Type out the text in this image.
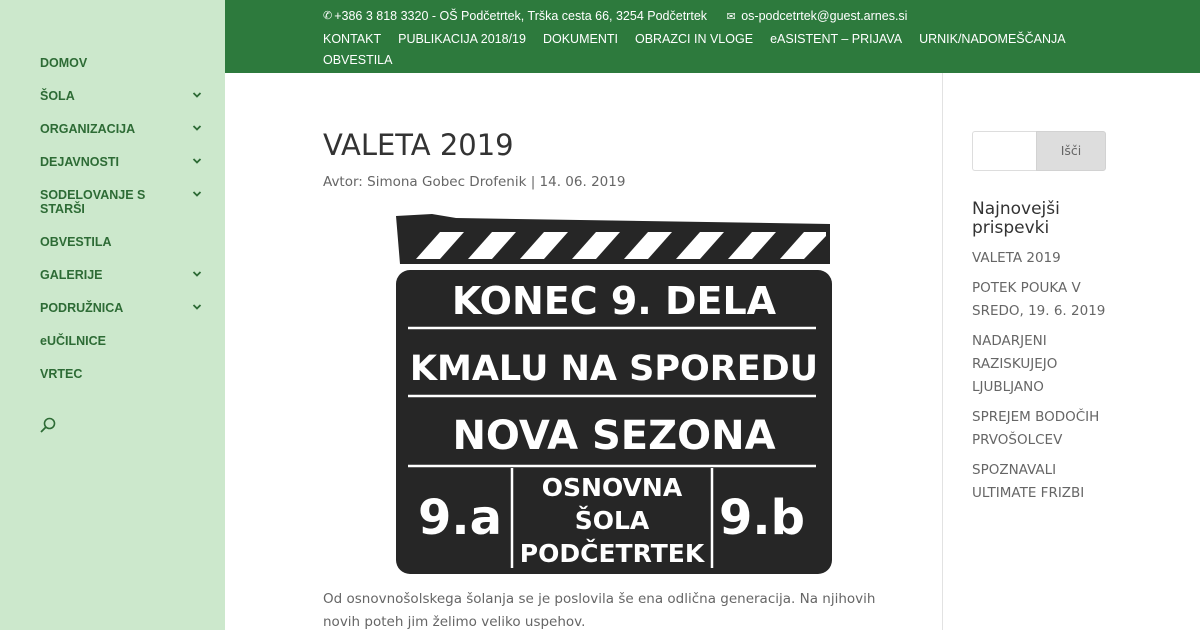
DOMOV
ŠOLA
ORGANIZACIJA
DEJAVNOSTI
SODELOVANJE S STARŠI
OBVESTILA
GALERIJE
PODRUŽNICA
eUČILNICE
VRTEC
✆ +386 3 818 3320 - OŠ Podčetrtek, Trška cesta 66, 3254 Podčetrtek ✉ os-podcetrtek@guest.arnes.si
KONTAKT PUBLIKACIJA 2018/19 DOKUMENTI OBRAZCI IN VLOGE eASISTENT – PRIJAVA URNIK/NADOMEŠČANJAOBVESTILA
VALETA 2019
Avtor: Simona Gobec Drofenik | 14. 06. 2019
KONEC 9. DELA
KMALU NA SPOREDU
NOVA SEZONA
9.a	9.b
OSNOVNA
ŠOLA
PODČETRTEK

Od osnovnošolskega šolanja se je poslovila še ena odlična generacija. Na njihovih novih poteh jim želimo veliko uspehov.

Išči
Najnovejši prispevki
VALETA 2019
POTEK POUKA V SREDO, 19. 6. 2019
NADARJENI RAZISKUJEJO LJUBLJANO
SPREJEM BODOČIH PRVOŠOLCEV
SPOZNAVALI ULTIMATE FRIZBI
